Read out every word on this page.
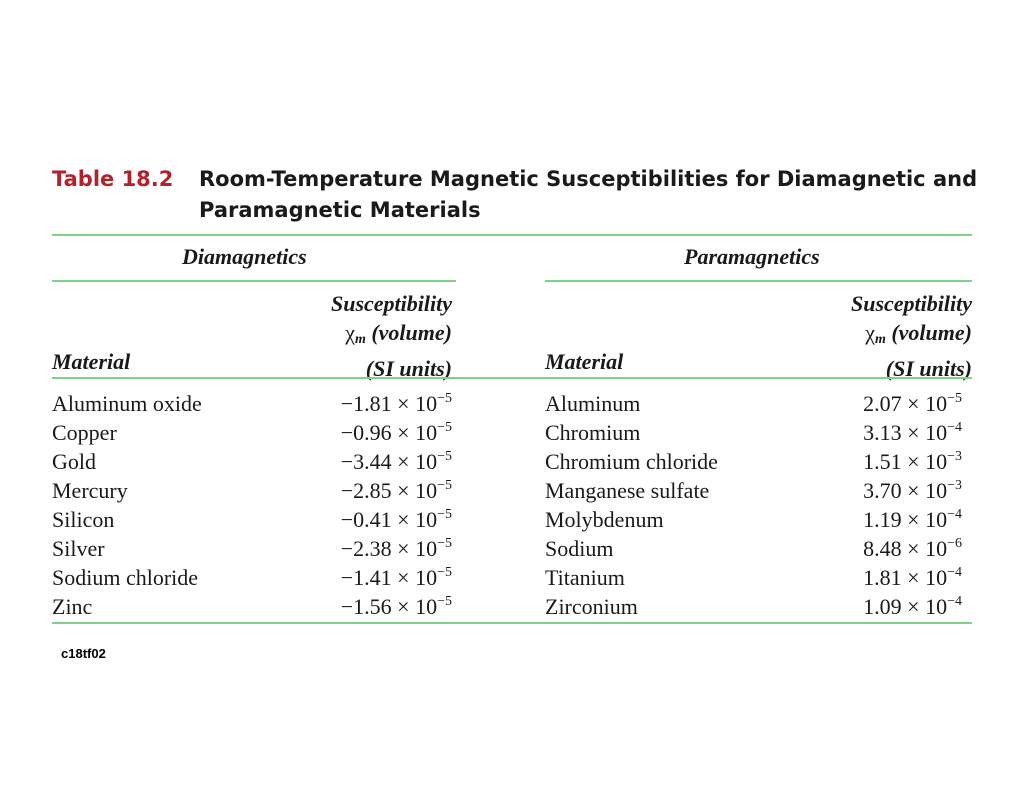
Table 18.2 Room-Temperature Magnetic Susceptibilities for Diamagnetic and Paramagnetic Materials
Diamagnetics
Material
Susceptibility
χm (volume)
(SI units)
Paramagnetics
Material
Susceptibility
χm (volume)
(SI units)
Aluminum oxide	$-1.81 \times 10^{-5}$
Copper	$-0.96 \times 10^{-5}$
Gold	$-3.44 \times 10^{-5}$
Mercury	$-2.85 \times 10^{-5}$
Silicon	$-0.41 \times 10^{-5}$
Silver	$-2.38 \times 10^{-5}$
Sodium chloride	$-1.41 \times 10^{-5}$
Zinc	$-1.56 \times 10^{-5}$
Aluminum	$2.07 \times 10^{-5}$
Chromium	$3.13 \times 10^{-4}$
Chromium chloride	$1.51 \times 10^{-3}$
Manganese sulfate	$3.70 \times 10^{-3}$
Molybdenum	$1.19 \times 10^{-4}$
Sodium	$8.48 \times 10^{-6}$
Titanium	$1.81 \times 10^{-4}$
Zirconium	$1.09 \times 10^{-4}$
c18tf02
